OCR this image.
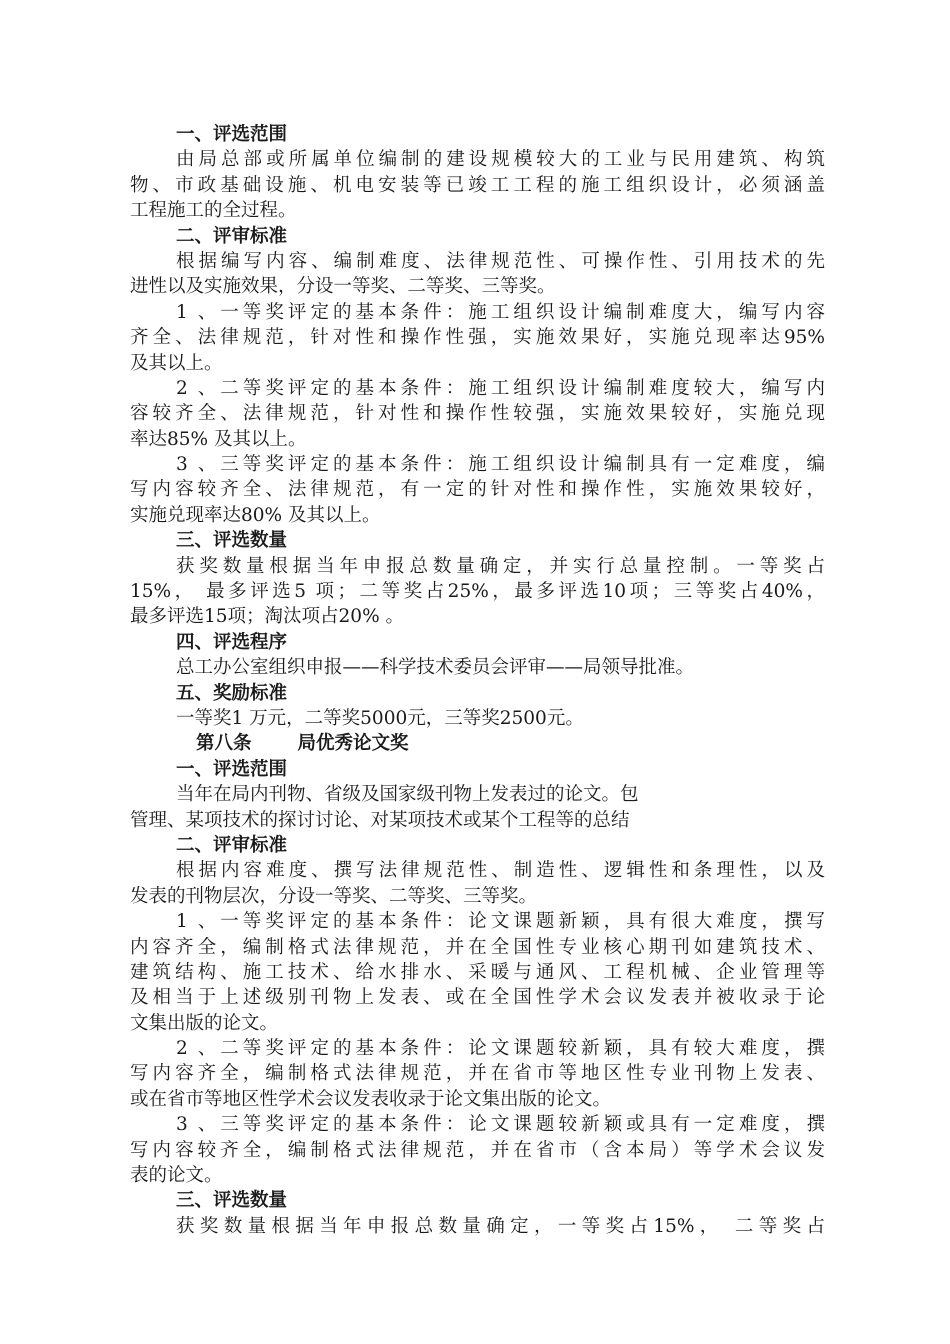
一、评选范围
由局总部或所属单位编制的建设规模较大的工业与民用建筑、构筑
物、市政基础设施、机电安装等已竣工工程的施工组织设计，必须涵盖
工程施工的全过程。
二、评审标准
根据编写内容、编制难度、法律规范性、可操作性、引用技术的先
进性以及实施效果，分设一等奖、二等奖、三等奖。
1 、一等奖评定的基本条件：施工组织设计编制难度大，编写内容
齐全、法律规范，针对性和操作性强，实施效果好，实施兑现率达95%
及其以上。
2 、二等奖评定的基本条件：施工组织设计编制难度较大，编写内
容较齐全、法律规范，针对性和操作性较强，实施效果较好，实施兑现
率达85% 及其以上。
3 、三等奖评定的基本条件：施工组织设计编制具有一定难度，编
写内容较齐全、法律规范，有一定的针对性和操作性，实施效果较好，
实施兑现率达80% 及其以上。
三、评选数量
获奖数量根据当年申报总数量确定，并实行总量控制。一等奖占
15%， 最多评选5 项；二等奖占25%，最多评选10项；三等奖占40%，
最多评选15项；淘汰项占20% 。
四、评选程序
总工办公室组织申报——科学技术委员会评审——局领导批准。
五、奖励标准
一等奖1 万元，二等奖5000元，三等奖2500元。
第八条 局优秀论文奖
一、评选范围
当年在局内刊物、省级及国家级刊物上发表过的论文。包
管理、某项技术的探讨讨论、对某项技术或某个工程等的总结
二、评审标准
根据内容难度、撰写法律规范性、制造性、逻辑性和条理性，以及
发表的刊物层次，分设一等奖、二等奖、三等奖。
1 、一等奖评定的基本条件：论文课题新颖，具有很大难度，撰写
内容齐全，编制格式法律规范，并在全国性专业核心期刊如建筑技术、
建筑结构、施工技术、给水排水、采暖与通风、工程机械、企业管理等
及相当于上述级别刊物上发表、或在全国性学术会议发表并被收录于论
文集出版的论文。
2 、二等奖评定的基本条件：论文课题较新颖，具有较大难度，撰
写内容齐全，编制格式法律规范，并在省市等地区性专业刊物上发表、
或在省市等地区性学术会议发表收录于论文集出版的论文。
3 、三等奖评定的基本条件：论文课题较新颖或具有一定难度，撰
写内容较齐全，编制格式法律规范，并在省市（含本局）等学术会议发
表的论文。
三、评选数量
获奖数量根据当年申报总数量确定，一等奖占15%， 二等奖占
